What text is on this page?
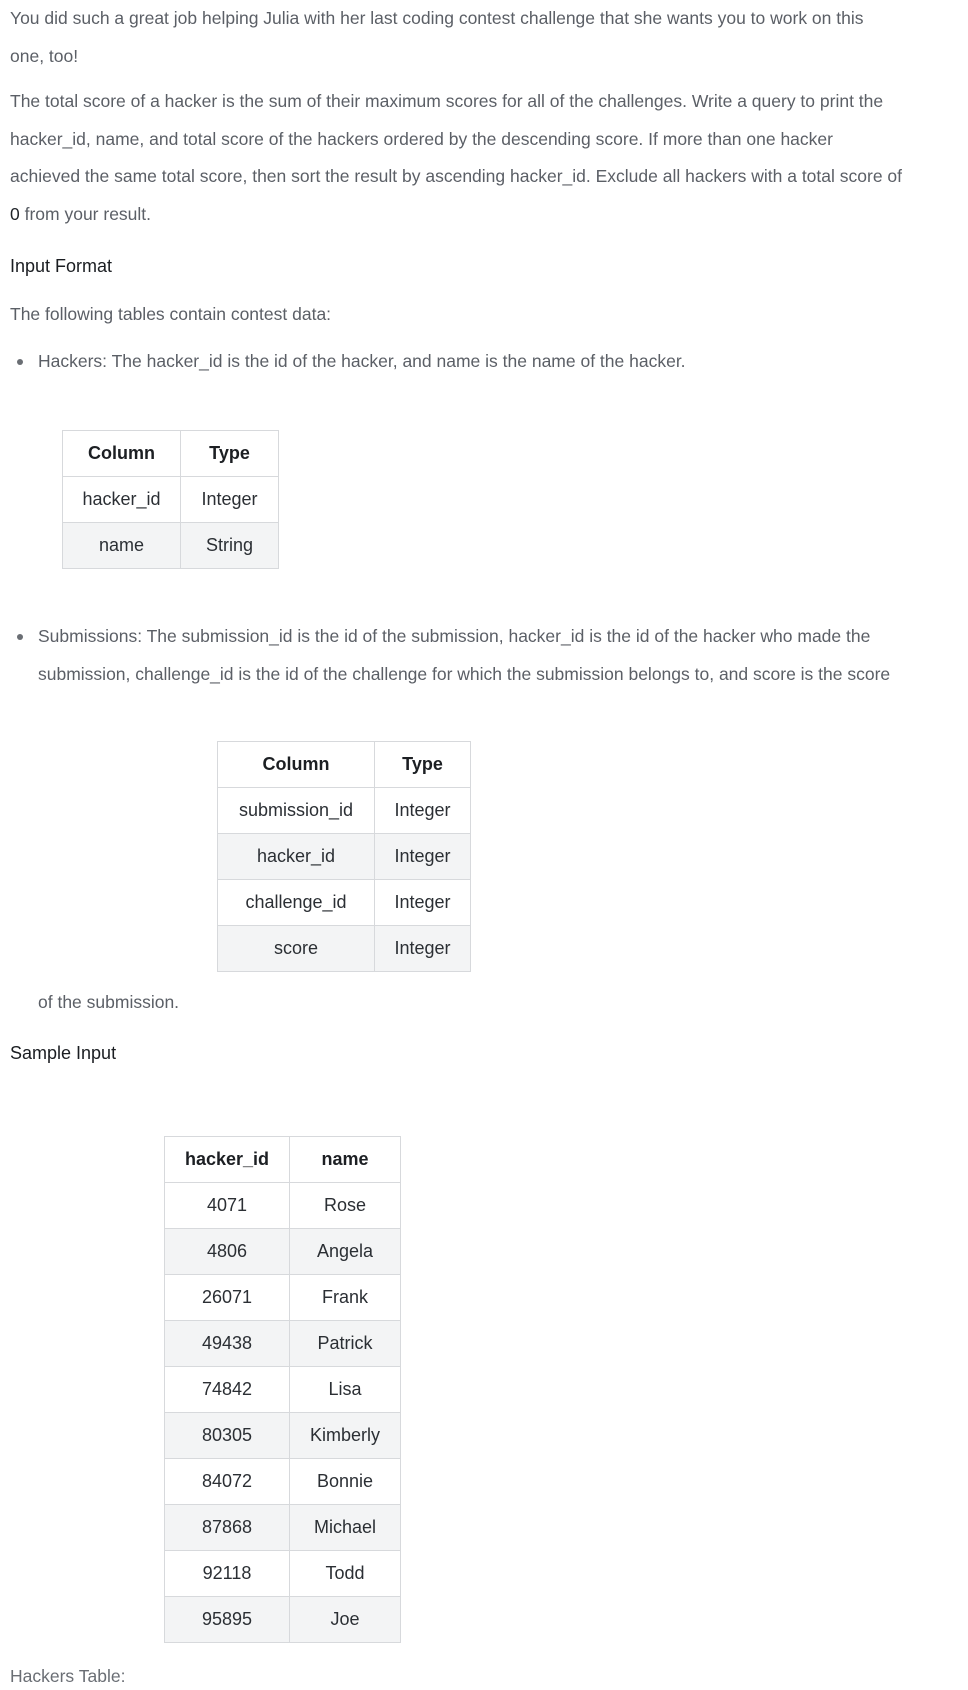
You did such a great job helping Julia with her last coding contest challenge that she wants you to work on this
one, too!

The total score of a hacker is the sum of their maximum scores for all of the challenges. Write a query to print the
hacker_id, name, and total score of the hackers ordered by the descending score. If more than one hacker
achieved the same total score, then sort the result by ascending hacker_id. Exclude all hackers with a total score of
0 from your result.

Input Format
The following tables contain contest data:
Hackers: The hacker_id is the id of the hacker, and name is the name of the hacker.
Column	Type
hacker_id	Integer
name	String
Submissions: The submission_id is the id of the submission, hacker_id is the id of the hacker who made the
submission, challenge_id is the id of the challenge for which the submission belongs to, and score is the score
Column	Type
submission_id	Integer
hacker_id	Integer
challenge_id	Integer
score	Integer
of the submission.
Sample Input
hacker_id	name
4071	Rose
4806	Angela
26071	Frank
49438	Patrick
74842	Lisa
80305	Kimberly
84072	Bonnie
87868	Michael
92118	Todd
95895	Joe
Hackers Table:
